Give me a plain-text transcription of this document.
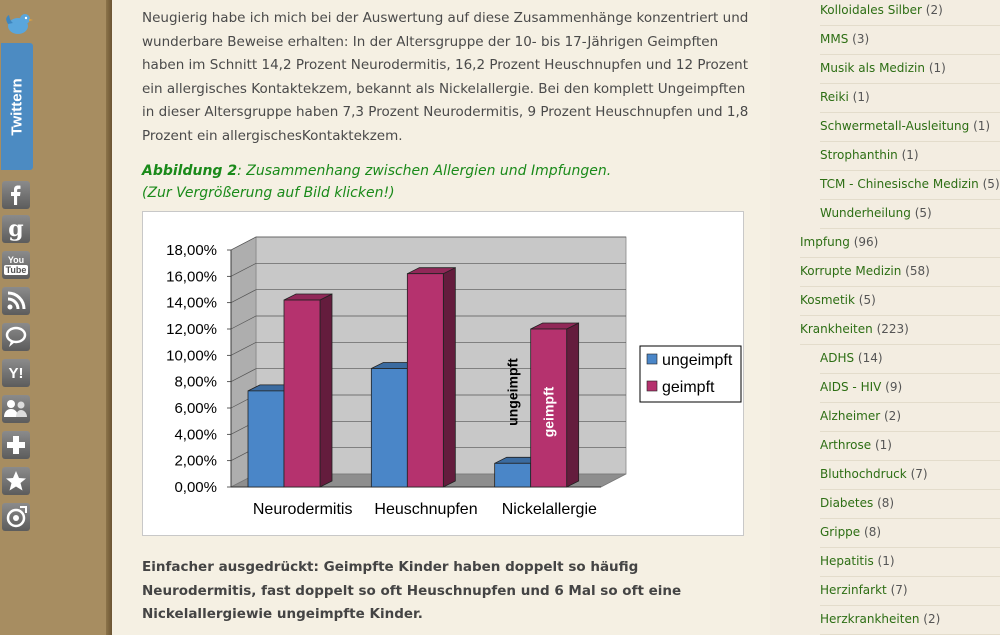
Twittern
g
You
Tube
Y!

Neugierig habe ich mich bei der Auswertung auf diese Zusammenhänge konzentriert und wunderbare Beweise erhalten: In der Altersgruppe der 10- bis 17-Jährigen Geimpften haben im Schnitt 14,2 Prozent Neurodermitis, 16,2 Prozent Heuschnupfen und 12 Prozent ein allergisches Kontaktekzem, bekannt als Nickelallergie. Bei den komplett Ungeimpften in dieser Altersgruppe haben 7,3 Prozent Neurodermitis, 9 Prozent Heuschnupfen und 1,8 Prozent ein allergischesKontaktekzem.

Abbildung 2: Zusammenhang zwischen Allergien und Impfungen.
(Zur Vergrößerung auf Bild klicken!)
0,00%
2,00%
4,00%
6,00%
8,00%
10,00%
12,00%
14,00%
16,00%
18,00%
Neurodermitis Heuschnupfen Nickelallergie
ungeimpft geimpft
ungeimpft
geimpft

Einfacher ausgedrückt: Geimpfte Kinder haben doppelt so häufig Neurodermitis, fast doppelt so oft Heuschnupfen und 6 Mal so oft eine Nickelallergiewie ungeimpfte Kinder.

Kolloidales Silber (2)
MMS (3)
Musik als Medizin (1)
Reiki (1)
Schwermetall-Ausleitung (1)
Strophanthin (1)
TCM - Chinesische Medizin (5)
Wunderheilung (5)
Impfung (96)
Korrupte Medizin (58)
Kosmetik (5)
Krankheiten (223)
ADHS (14)
AIDS - HIV (9)
Alzheimer (2)
Arthrose (1)
Bluthochdruck (7)
Diabetes (8)
Grippe (8)
Hepatitis (1)
Herzinfarkt (7)
Herzkrankheiten (2)
